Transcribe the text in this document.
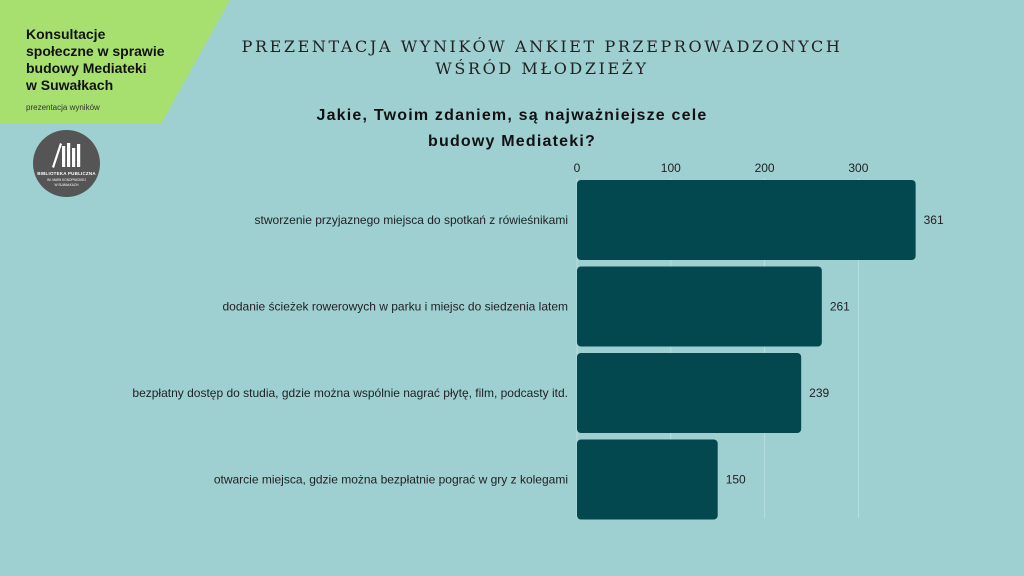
Konsultacje
społeczne w sprawie
budowy Mediateki
w Suwałkach
prezentacja wyników
BIBLIOTEKA PUBLICZNA
IM. MARII KONOPNICKIEJ
W SUWAŁKACH
PREZENTACJA WYNIKÓW ANKIET PRZEPROWADZONYCH
WŚRÓD MŁODZIEŻY
Jakie, Twoim zdaniem, są najważniejsze cele
budowy Mediateki?
0	100	200	300
stworzenie przyjaznego miejsca do spotkań z rówieśnikami	361
dodanie ścieżek rowerowych w parku i miejsc do siedzenia latem	261
bezpłatny dostęp do studia, gdzie można wspólnie nagrać płytę, film, podcasty itd.	239
otwarcie miejsca, gdzie można bezpłatnie pograć w gry z kolegami	150
